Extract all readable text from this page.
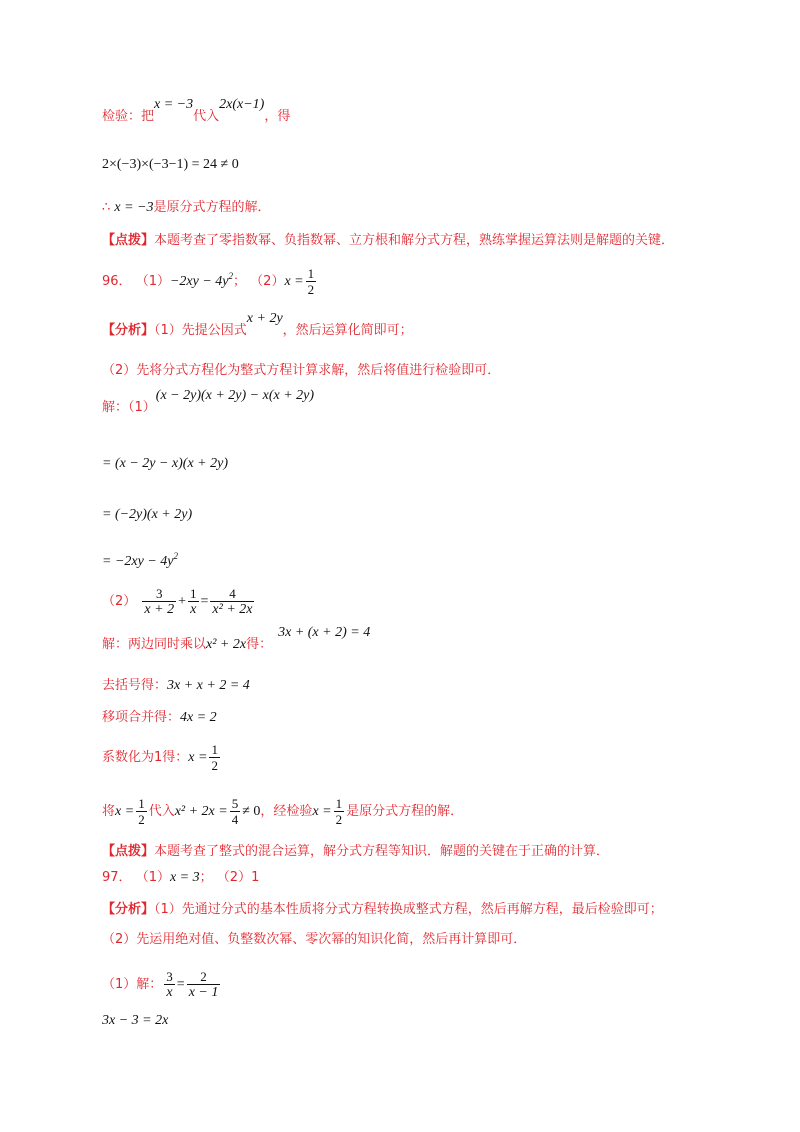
检验：把x = −3代入2x(x−1)，得
2×(−3)×(−3−1) = 24 ≠ 0
∴ x = −3是原分式方程的解．
【点拨】本题考查了零指数幂、负指数幂、立方根和解分式方程，熟练掌握运算法则是解题的关键．
96． $(1)-2xy - 4y^2$； $(2)x = \frac{1}{2}$
【分析】（1）先提公因式x + 2y，然后运算化简即可；
（2）先将分式方程化为整式方程计算求解，然后将值进行检验即可．
解：（1）(x − 2y)(x + 2y) − x(x + 2y)
= (x − 2y − x)(x + 2y)
= (−2y)(x + 2y)
= $-2xy - 4y^2$
$(2) \frac{3}{x + 2} + \frac{1}{x} = \frac{4}{\text{x² + 2x}}$
解：两边同时乘以x² + 2x得：3x + (x + 2) = 4
去括号得：3x + x + 2 = 4
移项合并得：4x = 2
系数化为1得：$x = \frac{1}{2}$
将$x = \frac{1}{2}$ 代入$x^2 + 2x = \frac{5}{4} \ne 0$，经检验$x = \frac{1}{2}$ 是原分式方程的解．
【点拨】本题考查了整式的混合运算，解分式方程等知识．解题的关键在于正确的计算．
97． （1）x = 3； （2）1
【分析】（1）先通过分式的基本性质将分式方程转换成整式方程，然后再解方程，最后检验即可；
（2）先运用绝对值、负整数次幂、零次幂的知识化简，然后再计算即可．
（1）解： $\frac{3}{x} = \frac{2}{x - 1}$
3x − 3 = 2x
